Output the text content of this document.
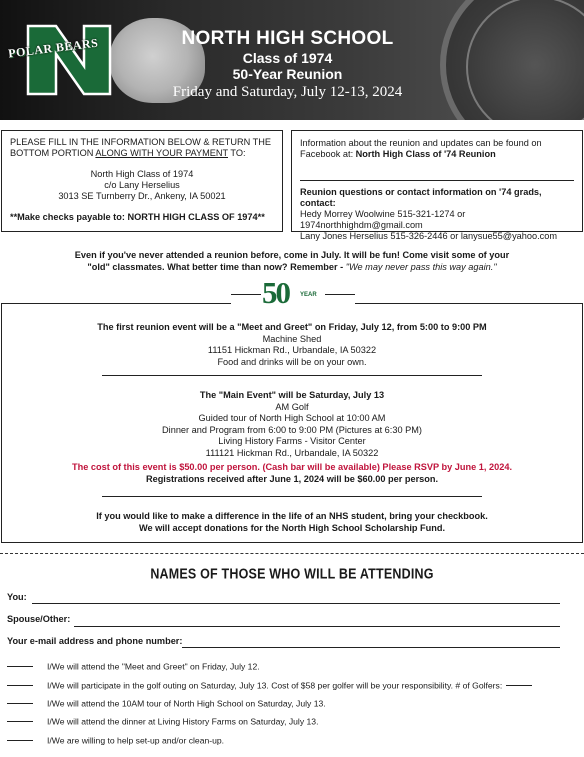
POLAR BEARS	NORTH HIGH SCHOOL
Class of 1974
50-Year Reunion
Friday and Saturday, July 12-13, 2024
PLEASE FILL IN THE INFORMATION BELOW & RETURN THE BOTTOM PORTION ALONG WITH YOUR PAYMENT TO:
North High Class of 1974
c/o Lany Herselius
3013 SE Turnberry Dr., Ankeny, IA 50021
**Make checks payable to: NORTH HIGH CLASS OF 1974**
Information about the reunion and updates can be found on Facebook at: North High Class of '74 Reunion
Reunion questions or contact information on '74 grads, contact:
Hedy Morrey Woolwine 515-321-1274 or 1974northhighdm@gmail.com
Lany Jones Herselius 515-326-2446 or lanysue55@yahoo.com
Even if you've never attended a reunion before, come in July. It will be fun! Come visit some of your
"old" classmates. What better time than now? Remember - "We may never pass this way again."
50 YEAR
The first reunion event will be a "Meet and Greet" on Friday, July 12, from 5:00 to 9:00 PM
Machine Shed
11151 Hickman Rd., Urbandale, IA 50322
Food and drinks will be on your own.
The "Main Event" will be Saturday, July 13
AM Golf
Guided tour of North High School at 10:00 AM
Dinner and Program from 6:00 to 9:00 PM (Pictures at 6:30 PM)
Living History Farms - Visitor Center
111121 Hickman Rd., Urbandale, IA 50322
The cost of this event is $50.00 per person. (Cash bar will be available) Please RSVP by June 1, 2024.
Registrations received after June 1, 2024 will be $60.00 per person.
If you would like to make a difference in the life of an NHS student, bring your checkbook.
We will accept donations for the North High School Scholarship Fund.
NAMES OF THOSE WHO WILL BE ATTENDING
You:
Spouse/Other:
Your e-mail address and phone number:
I/We will attend the "Meet and Greet" on Friday, July 12.
I/We will participate in the golf outing on Saturday, July 13. Cost of $58 per golfer will be your responsibility. # of Golfers:
I/We will attend the 10AM tour of North High School on Saturday, July 13.
I/We will attend the dinner at Living History Farms on Saturday, July 13.
I/We are willing to help set-up and/or clean-up.
